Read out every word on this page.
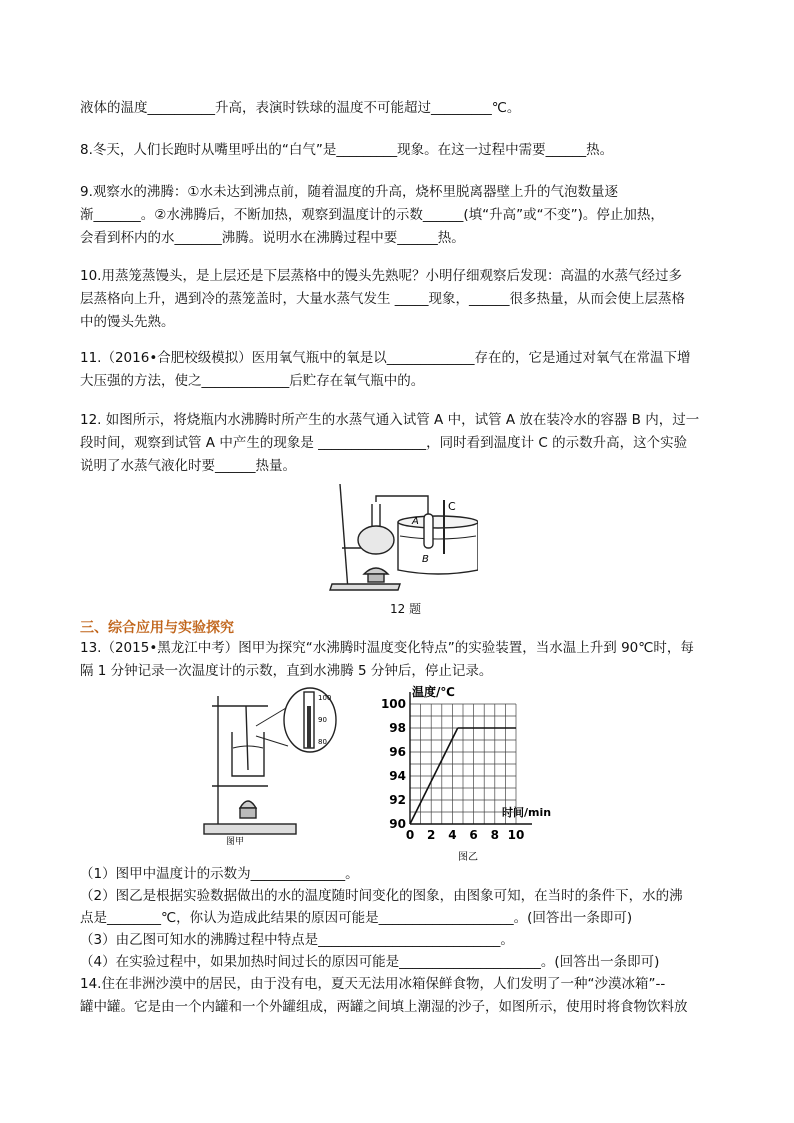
液体的温度__________升高，表演时铁球的温度不可能超过_________℃。
8.冬天，人们长跑时从嘴里呼出的“白气”是_________现象。在这一过程中需要______热。
9.观察水的沸腾：①水未达到沸点前，随着温度的升高，烧杯里脱离器壁上升的气泡数量逐
渐_______。②水沸腾后，不断加热，观察到温度计的示数______(填“升高”或“不变”)。停止加热，
会看到杯内的水_______沸腾。说明水在沸腾过程中要______热。
10.用蒸笼蒸馒头，是上层还是下层蒸格中的馒头先熟呢？小明仔细观察后发现：高温的水蒸气经过多
层蒸格向上升，遇到冷的蒸笼盖时，大量水蒸气发生 _____现象，______很多热量，从而会使上层蒸格
中的馒头先熟。
11.（2016•合肥校级模拟）医用氧气瓶中的氧是以_____________存在的，它是通过对氧气在常温下增
大压强的方法，使之_____________后贮存在氧气瓶中的。
12. 如图所示，将烧瓶内水沸腾时所产生的水蒸气通入试管 A 中，试管 A 放在装冷水的容器 B 内，过一
段时间，观察到试管 A 中产生的现象是 ________________，同时看到温度计 C 的示数升高，这个实验
说明了水蒸气液化时要______热量。
A
B
C
12 题
三、综合应用与实验探究
13.（2015•黑龙江中考）图甲为探究“水沸腾时温度变化特点”的实验装置，当水温上升到 90℃时，每
隔 1 分钟记录一次温度计的示数，直到水沸腾 5 分钟后，停止记录。
100
90
80
图甲
温度/℃
时间/min
0 2 4 6 8 10
90
92
94
96
98
100
图乙
（1）图甲中温度计的示数为______________。
（2）图乙是根据实验数据做出的水的温度随时间变化的图象，由图象可知，在当时的条件下，水的沸
点是________℃，你认为造成此结果的原因可能是____________________。(回答出一条即可)
（3）由乙图可知水的沸腾过程中特点是___________________________。
（4）在实验过程中，如果加热时间过长的原因可能是_____________________。(回答出一条即可)
14.住在非洲沙漠中的居民，由于没有电，夏天无法用冰箱保鲜食物，人们发明了一种“沙漠冰箱”--
罐中罐。它是由一个内罐和一个外罐组成，两罐之间填上潮湿的沙子，如图所示，使用时将食物饮料放
